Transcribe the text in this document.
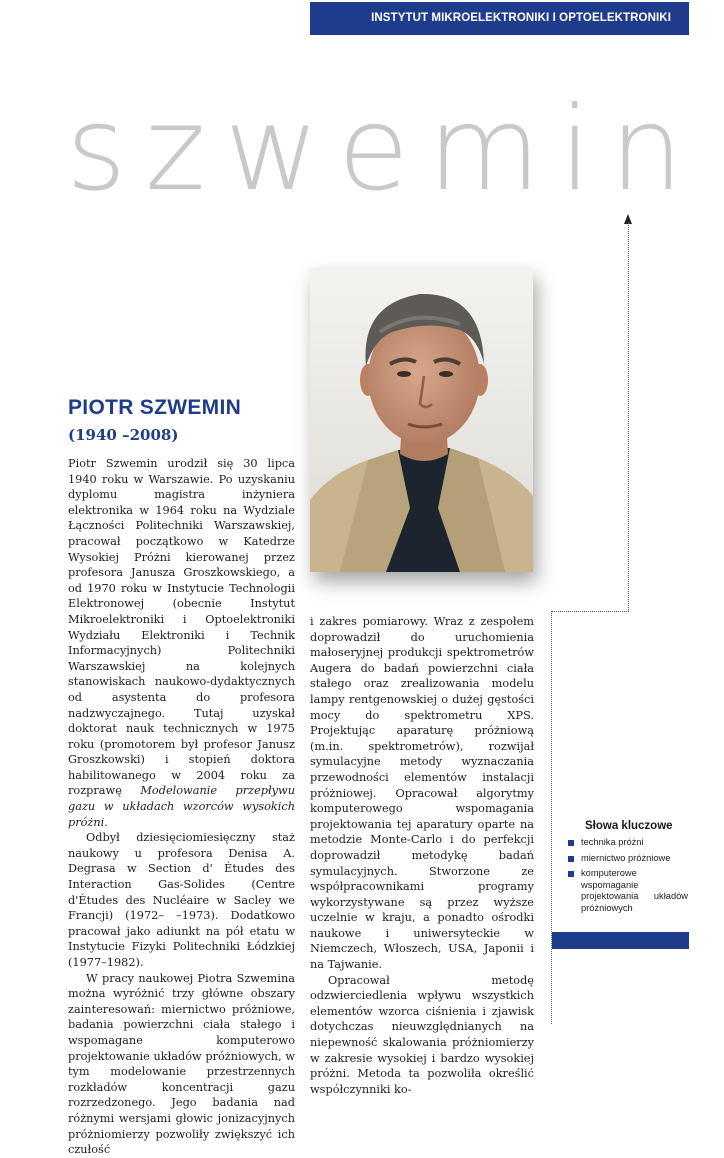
INSTYTUT MIKROELEKTRONIKI I OPTOELEKTRONIKI
szwemin
PIOTR SZWEMIN
(1940 –2008)

Piotr Szwemin urodził się 30 lipca 1940 roku w Warszawie. Po uzyskaniu dyplomu magistra inżyniera elektronika w 1964 roku na Wydziale Łączności Politechniki Warszawskiej, pracował początkowo w Katedrze Wysokiej Próżni kierowanej przez profesora Janusza Groszkowskiego, a od 1970 roku w Instytucie Technologii Elektronowej (obecnie Instytut Mikroelektroniki i Optoelektroniki Wydziału Elektroniki i Technik Informacyjnych) Politechniki Warszawskiej na kolejnych stanowiskach naukowo-dydaktycznych od asystenta do profesora nadzwyczajnego. Tutaj uzyskał doktorat nauk technicznych w 1975 roku (promotorem był profesor Janusz Groszkowski) i stopień doktora habilitowanego w 2004 roku za rozprawę Modelowanie przepływu gazu w układach wzorców wysokich próżni.

Odbył dziesięciomiesięczny staż naukowy u profesora Denisa A. Degrasa w Section d' Études des Interaction Gas-Solides (Centre d'Études des Nucléaire w Sacley we Francji) (1972– –1973). Dodatkowo pracował jako adiunkt na pół etatu w Instytucie Fizyki Politechniki Łódzkiej (1977–1982).

W pracy naukowej Piotra Szwemina można wyróżnić trzy główne obszary zainteresowań: miernictwo próżniowe, badania powierzchni ciała stałego i wspomagane komputerowo projektowanie układów próżniowych, w tym modelowanie przestrzennych rozkładów koncentracji gazu rozrzedzonego. Jego badania nad różnymi wersjami głowic jonizacyjnych próżniomierzy pozwoliły zwiększyć ich czułość

i zakres pomiarowy. Wraz z zespołem doprowadził do uruchomienia małoseryjnej produkcji spektrometrów Augera do badań powierzchni ciała stałego oraz zrealizowania modelu lampy rentgenowskiej o dużej gęstości mocy do spektrometru XPS. Projektując aparaturę próżniową (m.in. spektrometrów), rozwijał symulacyjne metody wyznaczania przewodności elementów instalacji próżniowej. Opracował algorytmy komputerowego wspomagania projektowania tej aparatury oparte na metodzie Monte-Carlo i do perfekcji doprowadził metodykę badań symulacyjnych. Stworzone ze współpracownikami programy wykorzystywane są przez wyższe uczelnie w kraju, a ponadto ośrodki naukowe i uniwersyteckie w Niemczech, Włoszech, USA, Japonii i na Tajwanie.

Opracował metodę odzwierciedlenia wpływu wszystkich elementów wzorca ciśnienia i zjawisk dotychczas nieuwzględnianych na niepewność skalowania próżniomierzy w zakresie wysokiej i bardzo wysokiej próżni. Metoda ta pozwoliła określić współczynniki ko-

Słowa kluczowe
technika próżni
miernictwo próżniowe
komputerowe wspomaganie projektowania układów próżniowych
